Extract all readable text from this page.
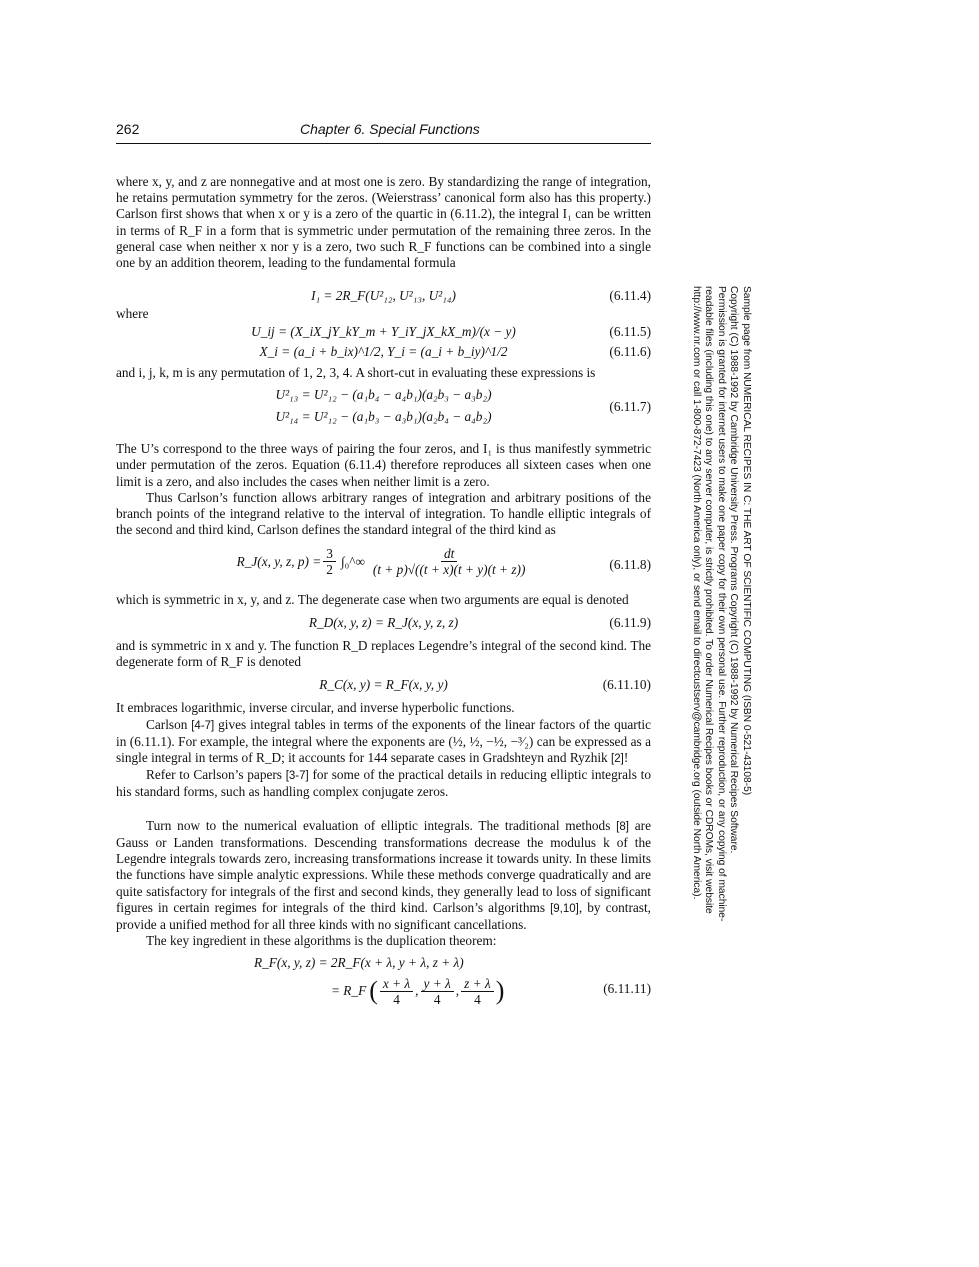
262	Chapter 6. Special Functions

where x, y, and z are nonnegative and at most one is zero. By standardizing the range of integration, he retains permutation symmetry for the zeros. (Weierstrass’ canonical form also has this property.) Carlson first shows that when x or y is a zero of the quartic in (6.11.2), the integral I₁ can be written in terms of R_F in a form that is symmetric under permutation of the remaining three zeros. In the general case when neither x nor y is a zero, two such R_F functions can be combined into a single one by an addition theorem, leading to the fundamental formula

I₁ = 2R_F(U²₁₂, U²₁₃, U²₁₄)	(6.11.4)

where

U_ij = (X_iX_jY_kY_m + Y_iY_jX_kX_m)/(x − y)	(6.11.5)
X_i = (a_i + b_ix)^1/2, Y_i = (a_i + b_iy)^1/2	(6.11.6)

and i, j, k, m is any permutation of 1, 2, 3, 4. A short-cut in evaluating these expressions is

U²₁₃ = U²₁₂ − (a₁b₄ − a₄b₁)(a₂b₃ − a₃b₂)
U²₁₄ = U²₁₂ − (a₁b₃ − a₃b₁)(a₂b₄ − a₄b₂)
(6.11.7)

The U’s correspond to the three ways of pairing the four zeros, and I₁ is thus manifestly symmetric under permutation of the zeros. Equation (6.11.4) therefore reproduces all sixteen cases when one limit is a zero, and also includes the cases when neither limit is a zero.

Thus Carlson’s function allows arbitrary ranges of integration and arbitrary positions of the branch points of the integrand relative to the interval of integration. To handle elliptic integrals of the second and third kind, Carlson defines the standard integral of the third kind as

R_J(x, y, z, $p) = \frac{3}{2}$ ∫₀^∞ $\frac{dt}{(t + p)√((t + x)(t + y)(t + z))}$	(6.11.8)

which is symmetric in x, y, and z. The degenerate case when two arguments are equal is denoted

R_D(x, y, z) = R_J(x, y, z, z)	(6.11.9)

and is symmetric in x and y. The function R_D replaces Legendre’s integral of the second kind. The degenerate form of R_F is denoted

R_C(x, y) = R_F(x, y, y)	(6.11.10)

It embraces logarithmic, inverse circular, and inverse hyperbolic functions.

Carlson [4-7] gives integral tables in terms of the exponents of the linear factors of the quartic in (6.11.1). For example, the integral where the exponents are (½, ½, −½, −³⁄₂) can be expressed as a single integral in terms of R_D; it accounts for 144 separate cases in Gradshteyn and Ryzhik [2]!

Refer to Carlson’s papers [3-7] for some of the practical details in reducing elliptic integrals to his standard forms, such as handling complex conjugate zeros.

Turn now to the numerical evaluation of elliptic integrals. The traditional methods [8] are Gauss or Landen transformations. Descending transformations decrease the modulus k of the Legendre integrals towards zero, increasing transformations increase it towards unity. In these limits the functions have simple analytic expressions. While these methods converge quadratically and are quite satisfactory for integrals of the first and second kinds, they generally lead to loss of significant figures in certain regimes for integrals of the third kind. Carlson’s algorithms [9,10], by contrast, provide a unified method for all three kinds with no significant cancellations.

The key ingredient in these algorithms is the duplication theorem:

R_F(x, y, z) = 2R_F(x + λ, y + λ, z + λ)
= R_F ( $\frac{x + \lambda}{4}$ , $\frac{y + \lambda}{4}$ , $\frac{z + \lambda}{4}$ )	(6.11.11)
Sample page from NUMERICAL RECIPES IN C: THE ART OF SCIENTIFIC COMPUTING (ISBN 0-521-43108-5)
Copyright (C) 1988-1992 by Cambridge University Press. Programs Copyright (C) 1988-1992 by Numerical Recipes Software.
Permission is granted for internet users to make one paper copy for their own personal use. Further reproduction, or any copying of machine-
readable files (including this one) to any server computer, is strictly prohibited. To order Numerical Recipes books or CDROMs, visit website
http://www.nr.com or call 1-800-872-7423 (North America only), or send email to directcustserv@cambridge.org (outside North America).
